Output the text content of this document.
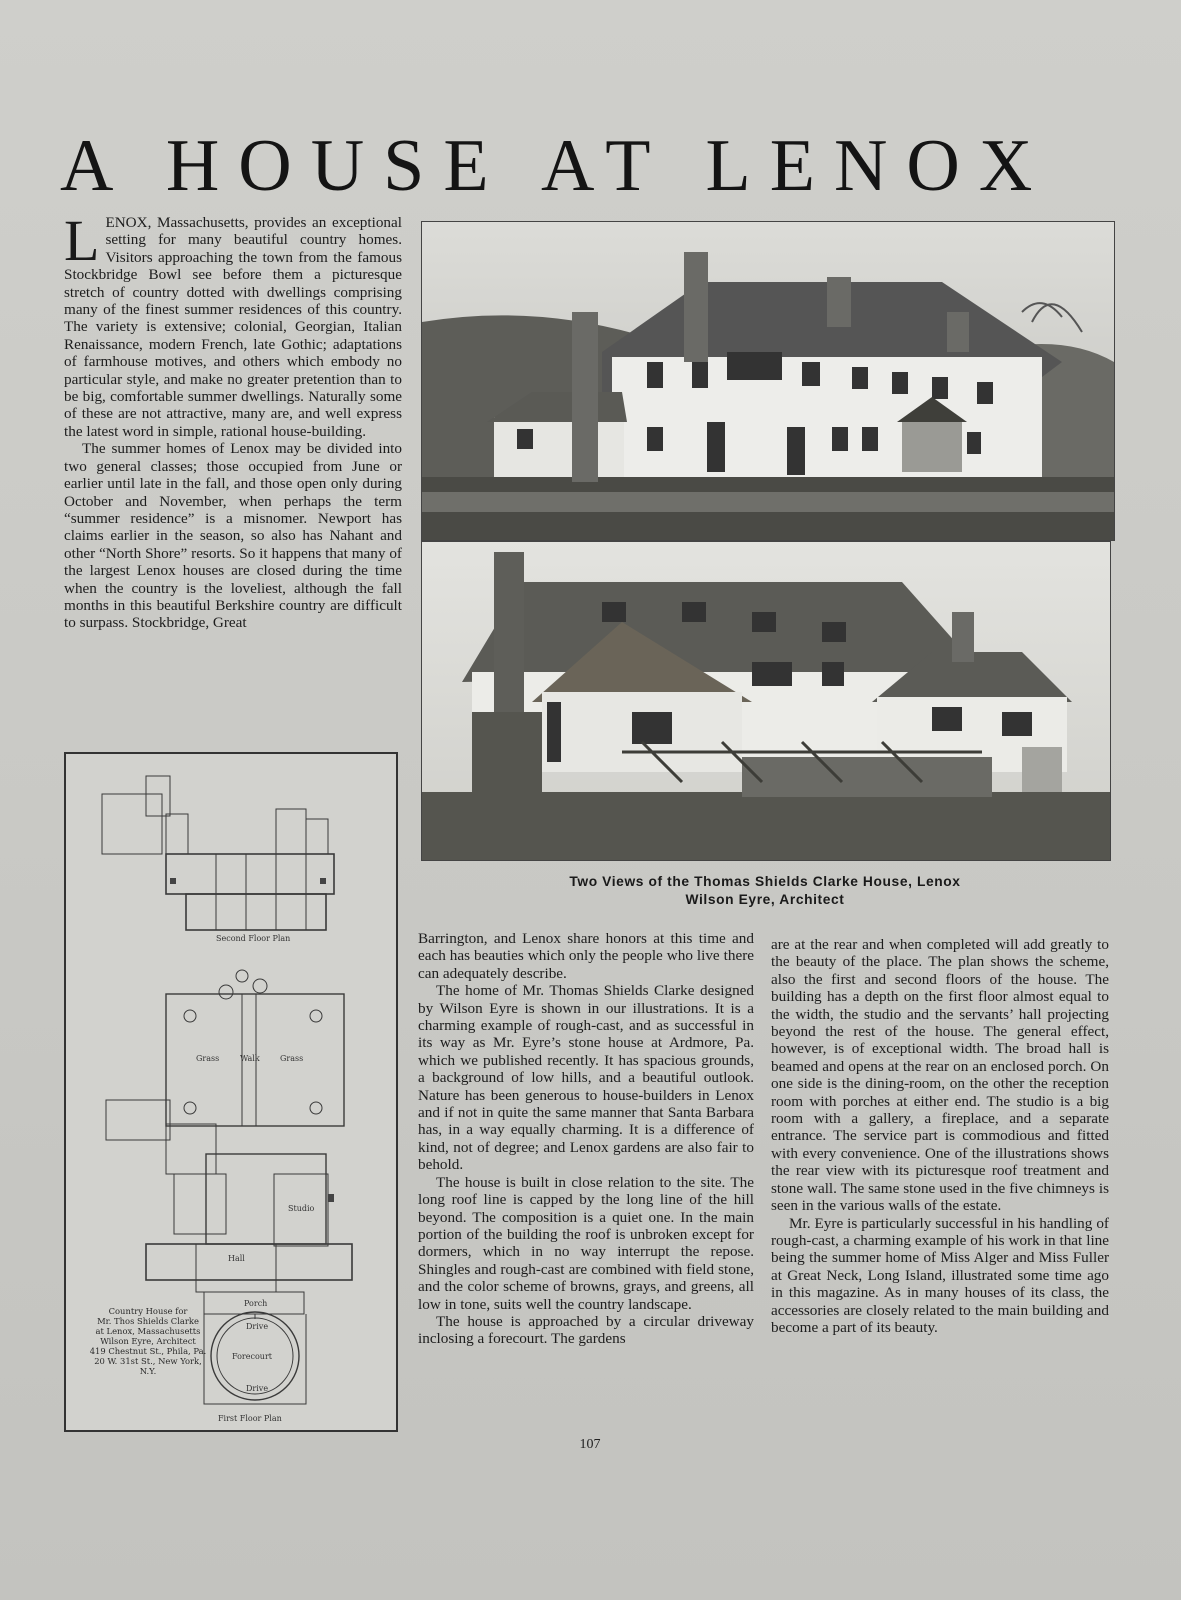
A HOUSE AT LENOX

LENOX, Massachusetts, provides an exceptional setting for many beautiful country homes. Visitors approaching the town from the famous Stockbridge Bowl see before them a picturesque stretch of country dotted with dwellings comprising many of the finest summer residences of this country. The variety is extensive; colonial, Georgian, Italian Renaissance, modern French, late Gothic; adaptations of farmhouse motives, and others which embody no particular style, and make no greater pretention than to be big, comfortable summer dwellings. Naturally some of these are not attractive, many are, and well express the latest word in simple, rational house-building.

The summer homes of Lenox may be divided into two general classes; those occupied from June or earlier until late in the fall, and those open only during October and November, when perhaps the term “summer residence” is a misnomer. Newport has claims earlier in the season, so also has Nahant and other “North Shore” resorts. So it happens that many of the largest Lenox houses are closed during the time when the country is the loveliest, although the fall months in this beautiful Berkshire country are difficult to surpass. Stockbridge, Great

Two Views of the Thomas Shields Clarke House, Lenox
Wilson Eyre, Architect
Second Floor Plan
Grass	Walk	Grass
Studio
Drive
Forecourt
Drive
Porch
Hall
Country House for
Mr. Thos Shields Clarke
at Lenox, Massachusetts
Wilson Eyre, Architect
419 Chestnut St., Phila, Pa.
20 W. 31st St., New York, N.Y.
First Floor Plan

Barrington, and Lenox share honors at this time and each has beauties which only the people who live there can adequately describe.

The home of Mr. Thomas Shields Clarke designed by Wilson Eyre is shown in our illustrations. It is a charming example of rough-cast, and as successful in its way as Mr. Eyre’s stone house at Ardmore, Pa. which we published recently. It has spacious grounds, a background of low hills, and a beautiful outlook. Nature has been generous to house-builders in Lenox and if not in quite the same manner that Santa Barbara has, in a way equally charming. It is a difference of kind, not of degree; and Lenox gardens are also fair to behold.

The house is built in close relation to the site. The long roof line is capped by the long line of the hill beyond. The composition is a quiet one. In the main portion of the building the roof is unbroken except for dormers, which in no way interrupt the repose. Shingles and rough-cast are combined with field stone, and the color scheme of browns, grays, and greens, all low in tone, suits well the country landscape.

The house is approached by a circular driveway inclosing a forecourt. The gardens

are at the rear and when completed will add greatly to the beauty of the place. The plan shows the scheme, also the first and second floors of the house. The building has a depth on the first floor almost equal to the width, the studio and the servants’ hall projecting beyond the rest of the house. The general effect, however, is of exceptional width. The broad hall is beamed and opens at the rear on an enclosed porch. On one side is the dining-room, on the other the reception room with porches at either end. The studio is a big room with a gallery, a fireplace, and a separate entrance. The service part is commodious and fitted with every convenience. One of the illustrations shows the rear view with its picturesque roof treatment and stone wall. The same stone used in the five chimneys is seen in the various walls of the estate.

Mr. Eyre is particularly successful in his handling of rough-cast, a charming example of his work in that line being the summer home of Miss Alger and Miss Fuller at Great Neck, Long Island, illustrated some time ago in this magazine. As in many houses of its class, the accessories are closely related to the main building and become a part of its beauty.

107
